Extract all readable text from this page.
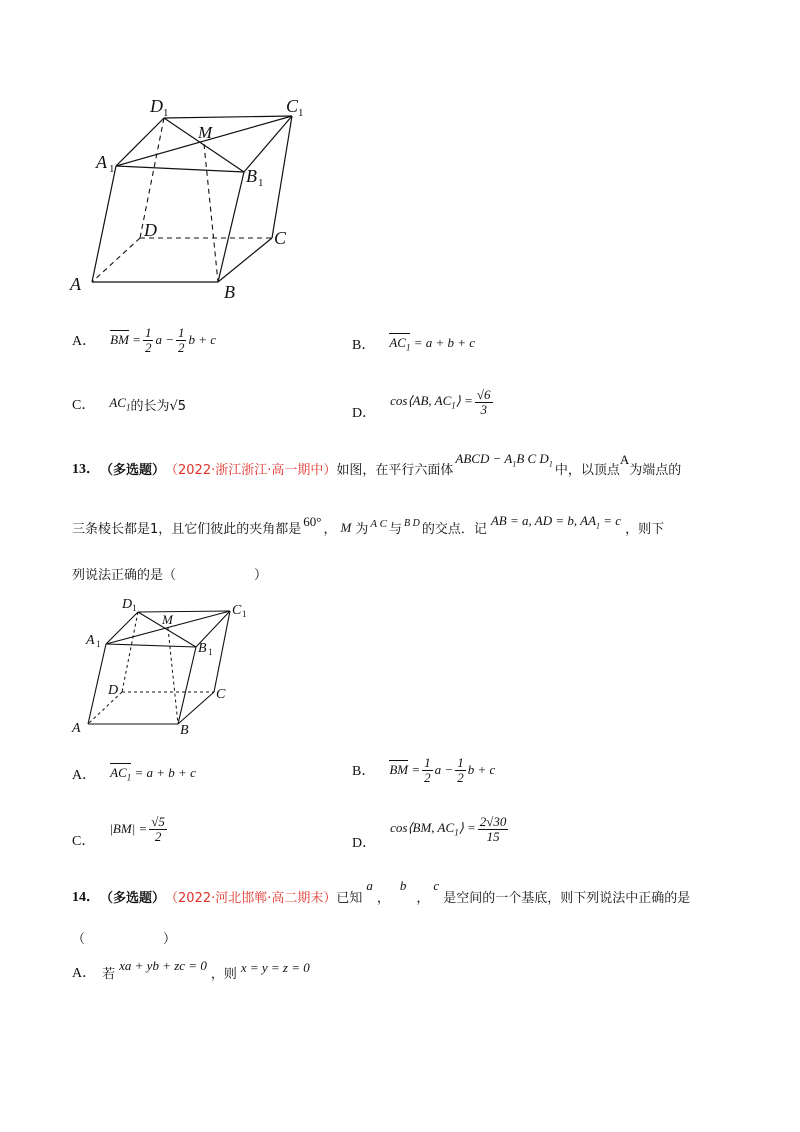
D 1	C 1
M
A 1	B 1
D	C
A	B
A． BM = $\frac{1}{2}$ $a - \frac{1}{2}$ b + c	B． $AC_1 = a + b + c$
C． $AC_1$ 的长为√5	D．
cos⟨AB, $AC_1⟩ = \frac{√6}{3}$
13． （多选题） （2022·浙江浙江·高一期中） 如图，在平行六面体
ABCD − $A_1B$ C $D_1$ 中，以顶点
A
为端点的
三条棱长都是1，且它们彼此的夹角都是
60°
， M 为 A C 与 B D 的交点．记
AB = a, AD = b, $AA_1 = c$
，则下
列说法正确的是（　　　　　　）
D 1	C 1
M
A 1	B 1
D	C
A	B
A． $AC_1 = a + b + c$	B． BM = $\frac{1}{2}$ $a - \frac{1}{2}$ b + c
C．
$|BM| = \frac{√5}{2}$
D．
cos⟨BM, $AC_1⟩ = \frac{2√30}{15}$
14． （多选题） （2022·河北邯郸·高二期末） 已知
a
，
b
，
c
是空间的一个基底，则下列说法中正确的是
（　　　　　　）
A． 若
xa + yb + zc = 0
，则 x = y = z = 0
